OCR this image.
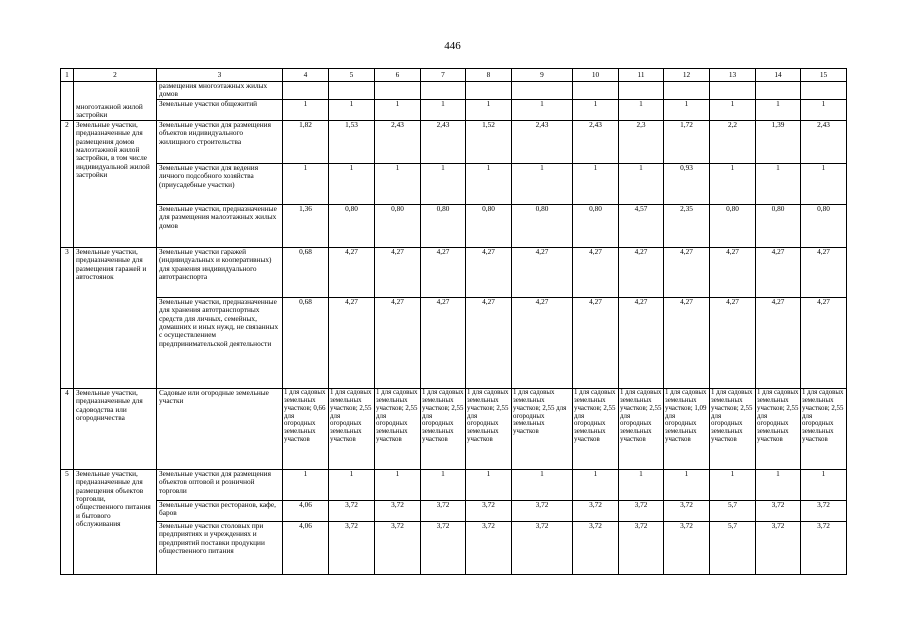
446
1	2	3	4	5	6	7	8	9	10	11	12	13	14	15
	многоэтажной жилой застройки	размещения многоэтажных жилых домов												
		Земельные участки общежитий	1	1	1	1	1	1	1	1	1	1	1	1
2	Земельные участки, предназначенные для размещения домов малоэтажной жилой застройки, в том числе индивидуальной жилой застройки	Земельные участки для размещения объектов индивидуального жилищного строительства	1,82	1,53	2,43	2,43	1,52	2,43	2,43	2,3	1,72	2,2	1,39	2,43
		Земельные участки для ведения личного подсобного хозяйства (приусадебные участки)	1	1	1	1	1	1	1	1	0,93	1	1	1
		Земельные участки, предназначенные для размещения малоэтажных жилых домов	1,36	0,80	0,80	0,80	0,80	0,80	0,80	4,57	2,35	0,80	0,80	0,80
3	Земельные участки, предназначенные для размещения гаражей и автостоянок	Земельные участки гаражей (индивидуальных и кооперативных) для хранения индивидуального автотранспорта	0,68	4,27	4,27	4,27	4,27	4,27	4,27	4,27	4,27	4,27	4,27	4,27
		Земельные участки, предназначенные для хранения автотранспортных средств для личных, семейных, домашних и иных нужд, не связанных с осуществлением предпринимательской деятельности	0,68	4,27	4,27	4,27	4,27	4,27	4,27	4,27	4,27	4,27	4,27	4,27
4	Земельные участки, предназначенные для садоводства или огородничества	Садовые или огородные земельные участки	1 для садовых земельных участков; 0,66 для огородных земельных участков	1 для садовых земельных участков; 2,55 для огородных земельных участков	1 для садовых земельных участков; 2,55 для огородных земельных участков	1 для садовых земельных участков; 2,55 для огородных земельных участков	1 для садовых земельных участков; 2,55 для огородных земельных участков	1 для садовых земельных участков; 2,55 для огородных земельных участков	1 для садовых земельных участков; 2,55 для огородных земельных участков	1 для садовых земельных участков; 2,55 для огородных земельных участков	1 для садовых земельных участков; 1,09 для огородных земельных участков	1 для садовых земельных участков; 2,55 для огородных земельных участков	1 для садовых земельных участков; 2,55 для огородных земельных участков	1 для садовых земельных участков; 2,55 для огородных земельных участков
5	Земельные участки, предназначенные для размещения объектов торговли, общественного питания и бытового обслуживания	Земельные участки для размещения объектов оптовой и розничной торговли	1	1	1	1	1	1	1	1	1	1	1	1
		Земельные участки ресторанов, кафе, баров	4,06	3,72	3,72	3,72	3,72	3,72	3,72	3,72	3,72	5,7	3,72	3,72
		Земельные участки столовых при предприятиях и учреждениях и предприятий поставки продукции общественного питания	4,06	3,72	3,72	3,72	3,72	3,72	3,72	3,72	3,72	5,7	3,72	3,72
